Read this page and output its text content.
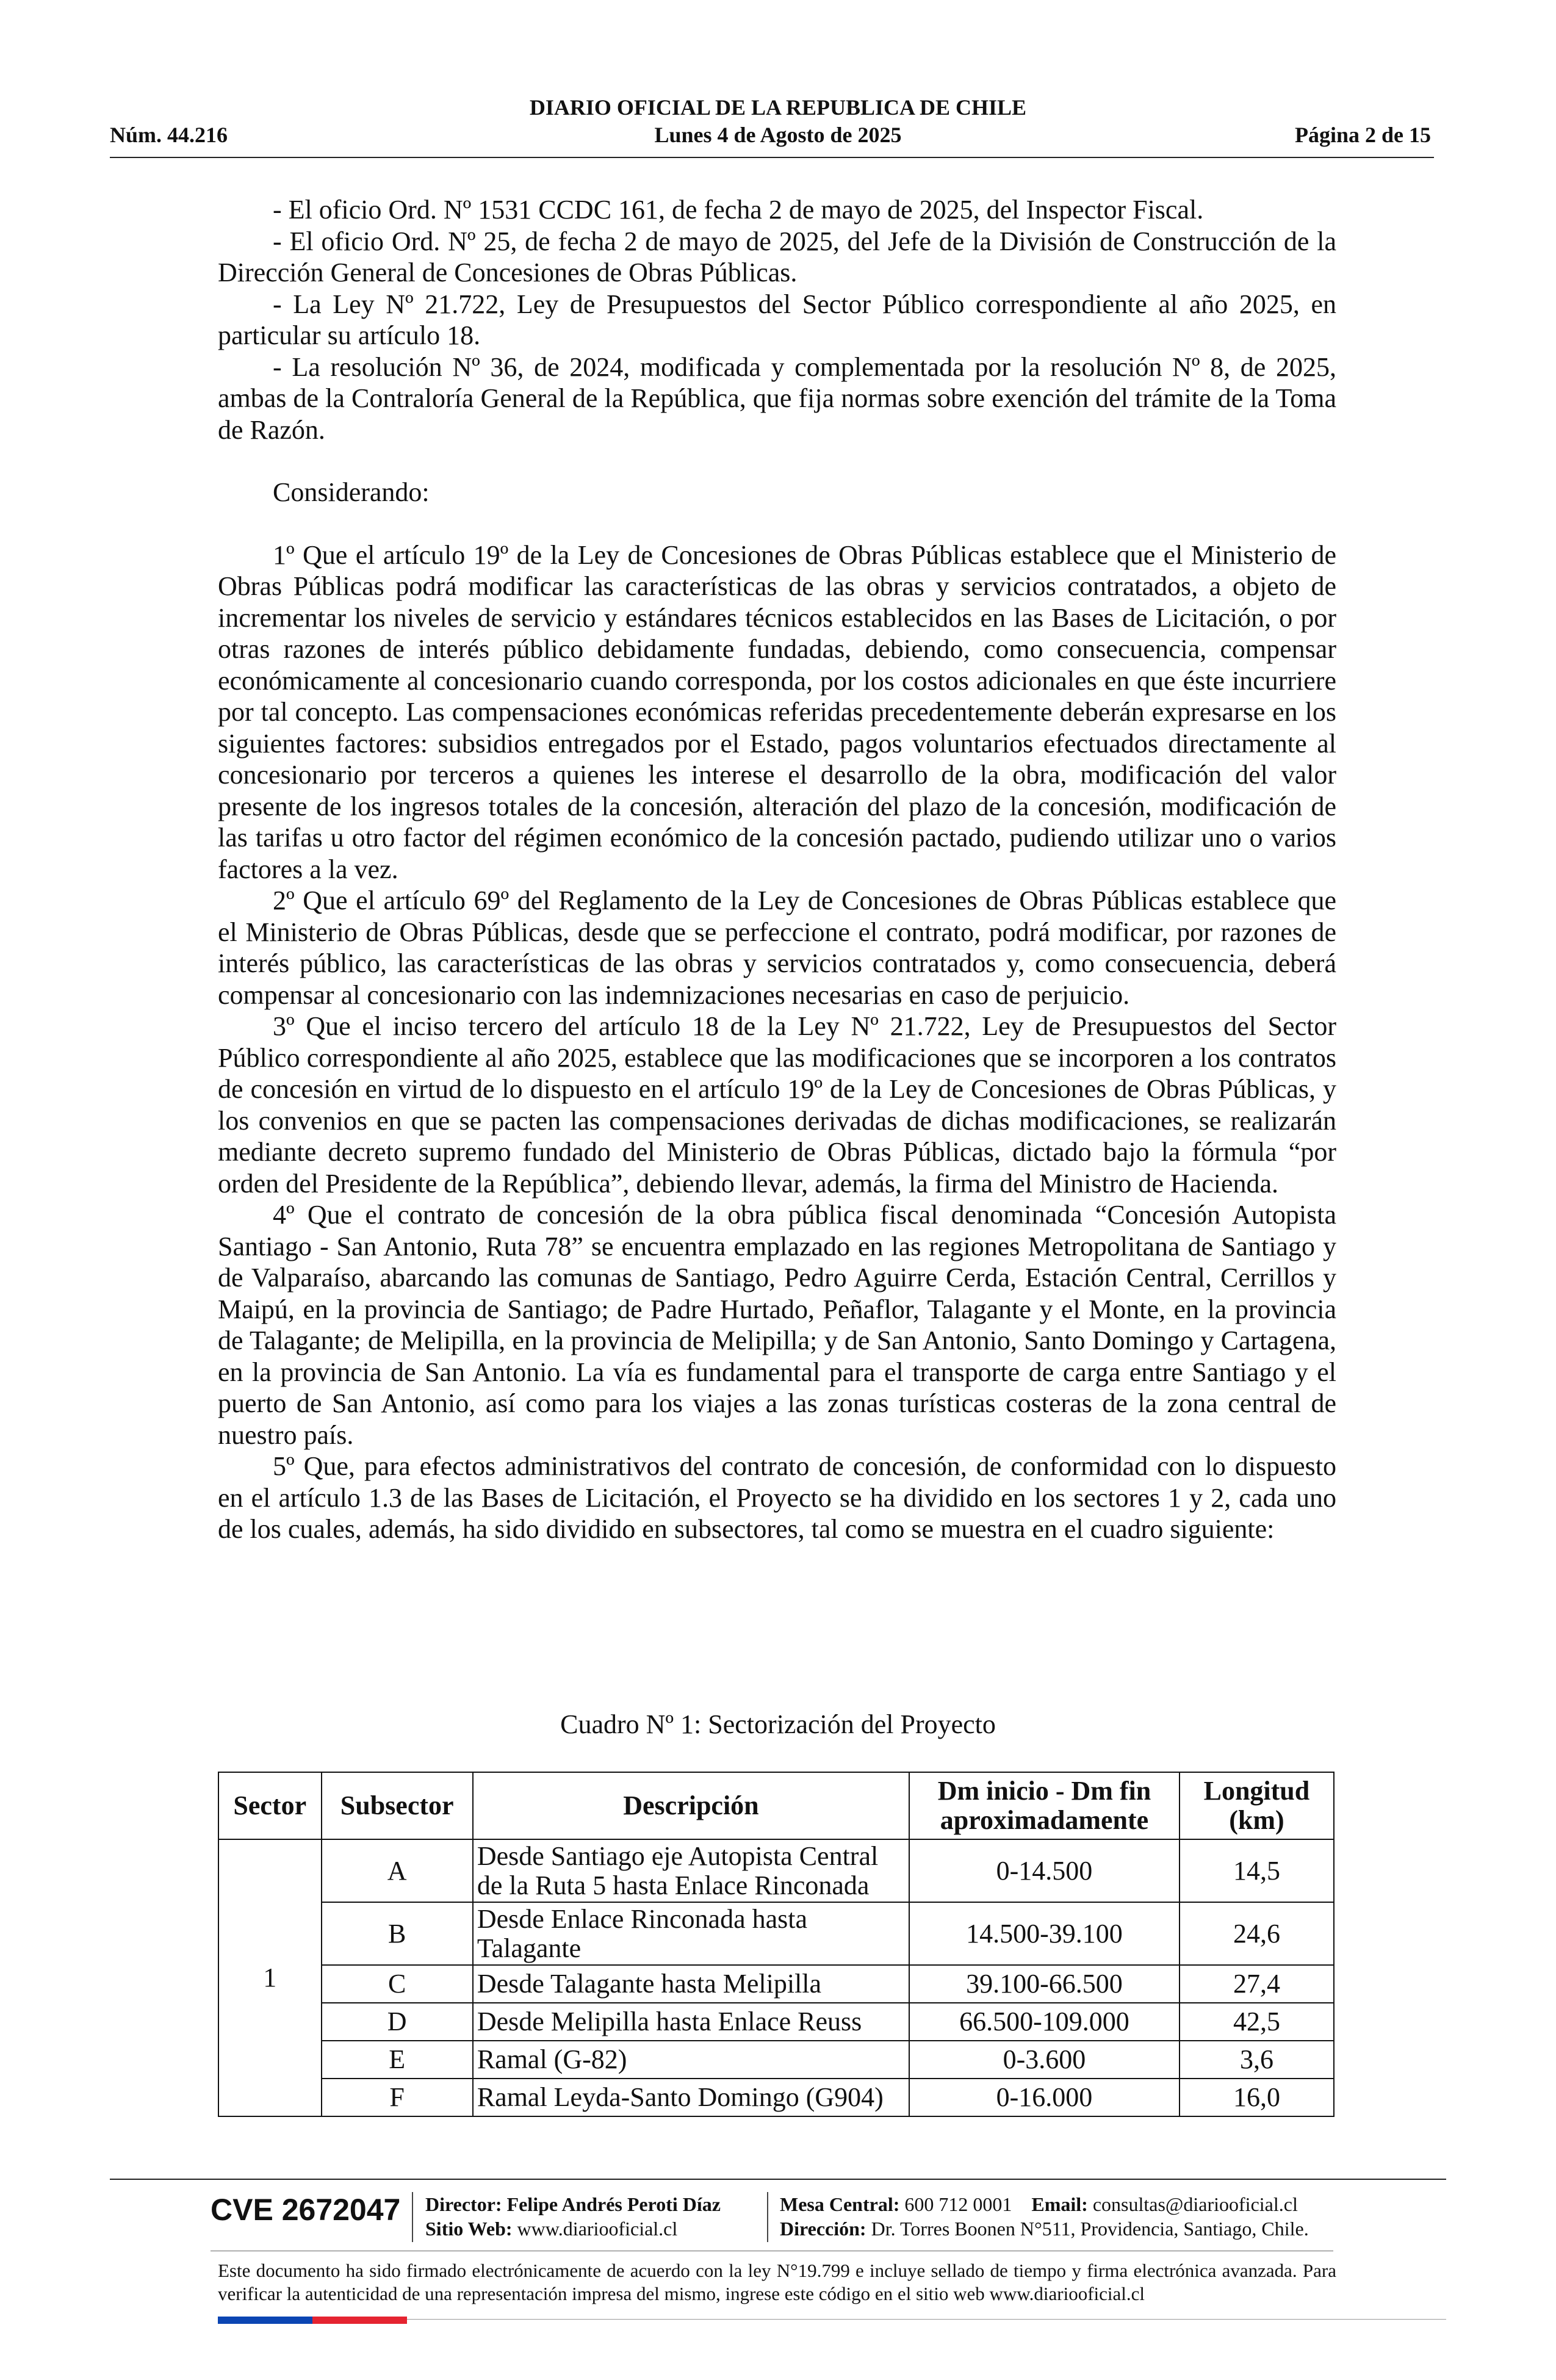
DIARIO OFICIAL DE LA REPUBLICA DE CHILE
Núm. 44.216	Lunes 4 de Agosto de 2025	Página 2 de 15

- El oficio Ord. Nº 1531 CCDC 161, de fecha 2 de mayo de 2025, del Inspector Fiscal.

- El oficio Ord. Nº 25, de fecha 2 de mayo de 2025, del Jefe de la División de Construcción de la Dirección General de Concesiones de Obras Públicas.

- La Ley Nº 21.722, Ley de Presupuestos del Sector Público correspondiente al año 2025, en particular su artículo 18.

- La resolución Nº 36, de 2024, modificada y complementada por la resolución Nº 8, de 2025, ambas de la Contraloría General de la República, que fija normas sobre exención del trámite de la Toma de Razón.

Considerando:

1º Que el artículo 19º de la Ley de Concesiones de Obras Públicas establece que el Ministerio de Obras Públicas podrá modificar las características de las obras y servicios contratados, a objeto de incrementar los niveles de servicio y estándares técnicos establecidos en las Bases de Licitación, o por otras razones de interés público debidamente fundadas, debiendo, como consecuencia, compensar económicamente al concesionario cuando corresponda, por los costos adicionales en que éste incurriere por tal concepto. Las compensaciones económicas referidas precedentemente deberán expresarse en los siguientes factores: subsidios entregados por el Estado, pagos voluntarios efectuados directamente al concesionario por terceros a quienes les interese el desarrollo de la obra, modificación del valor presente de los ingresos totales de la concesión, alteración del plazo de la concesión, modificación de las tarifas u otro factor del régimen económico de la concesión pactado, pudiendo utilizar uno o varios factores a la vez.

2º Que el artículo 69º del Reglamento de la Ley de Concesiones de Obras Públicas establece que el Ministerio de Obras Públicas, desde que se perfeccione el contrato, podrá modificar, por razones de interés público, las características de las obras y servicios contratados y, como consecuencia, deberá compensar al concesionario con las indemnizaciones necesarias en caso de perjuicio.

3º Que el inciso tercero del artículo 18 de la Ley Nº 21.722, Ley de Presupuestos del Sector Público correspondiente al año 2025, establece que las modificaciones que se incorporen a los contratos de concesión en virtud de lo dispuesto en el artículo 19º de la Ley de Concesiones de Obras Públicas, y los convenios en que se pacten las compensaciones derivadas de dichas modificaciones, se realizarán mediante decreto supremo fundado del Ministerio de Obras Públicas, dictado bajo la fórmula “por orden del Presidente de la República”, debiendo llevar, además, la firma del Ministro de Hacienda.

4º Que el contrato de concesión de la obra pública fiscal denominada “Concesión Autopista Santiago - San Antonio, Ruta 78” se encuentra emplazado en las regiones Metropolitana de Santiago y de Valparaíso, abarcando las comunas de Santiago, Pedro Aguirre Cerda, Estación Central, Cerrillos y Maipú, en la provincia de Santiago; de Padre Hurtado, Peñaflor, Talagante y el Monte, en la provincia de Talagante; de Melipilla, en la provincia de Melipilla; y de San Antonio, Santo Domingo y Cartagena, en la provincia de San Antonio. La vía es fundamental para el transporte de carga entre Santiago y el puerto de San Antonio, así como para los viajes a las zonas turísticas costeras de la zona central de nuestro país.

5º Que, para efectos administrativos del contrato de concesión, de conformidad con lo dispuesto en el artículo 1.3 de las Bases de Licitación, el Proyecto se ha dividido en los sectores 1 y 2, cada uno de los cuales, además, ha sido dividido en subsectores, tal como se muestra en el cuadro siguiente:

Cuadro Nº 1: Sectorización del Proyecto
Sector	Subsector	Descripción	Dm inicio - Dm fin aproximadamente	Longitud (km)
1	A	Desde Santiago eje Autopista Central de la Ruta 5 hasta Enlace Rinconada	0-14.500	14,5
	B	Desde Enlace Rinconada hasta Talagante	14.500-39.100	24,6
	C	Desde Talagante hasta Melipilla	39.100-66.500	27,4
	D	Desde Melipilla hasta Enlace Reuss	66.500-109.000	42,5
	E	Ramal (G-82)	0-3.600	3,6
	F	Ramal Leyda-Santo Domingo (G904)	0-16.000	16,0
CVE 2672047 Director: Felipe Andrés Peroti Díaz
Sitio Web: www.diariooficial.cl
Mesa Central: 600 712 0001 Email: consultas@diariooficial.cl
Dirección: Dr. Torres Boonen N°511, Providencia, Santiago, Chile.
Este documento ha sido firmado electrónicamente de acuerdo con la ley N°19.799 e incluye sellado de tiempo y firma electrónica avanzada. Para verificar la autenticidad de una representación impresa del mismo, ingrese este código en el sitio web www.diariooficial.cl
